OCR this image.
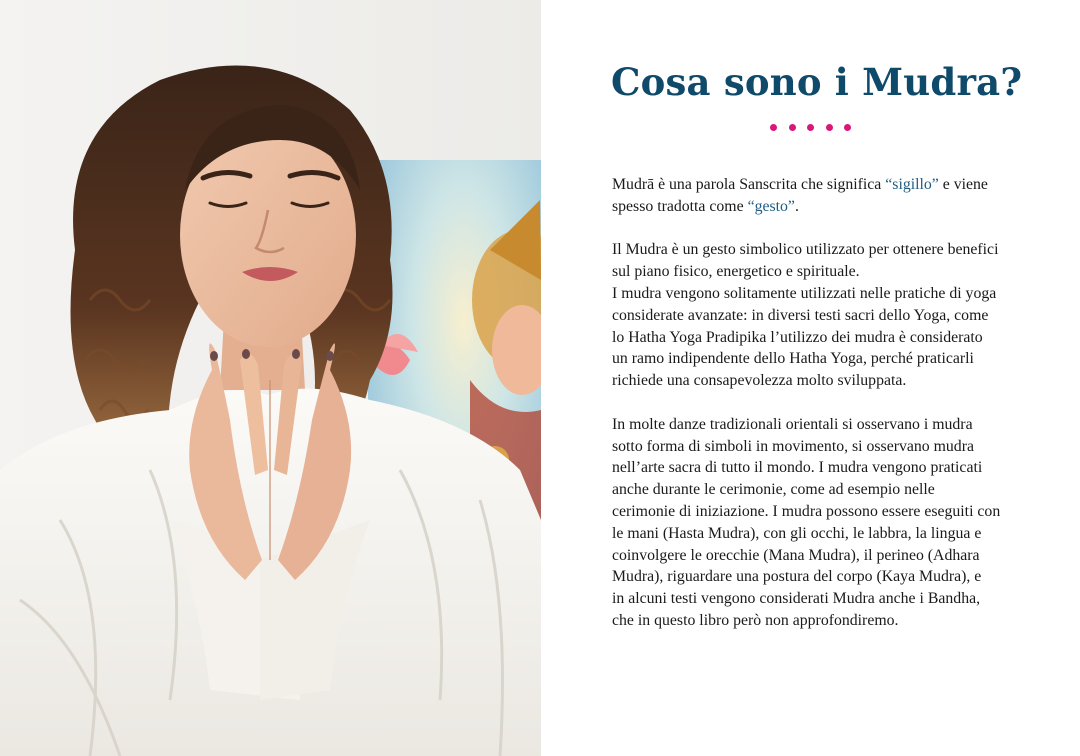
Cosa sono i Mudra?

Mudrā è una parola Sanscrita che significa “sigillo” e viene
spesso tradotta come “gesto”.

Il Mudra è un gesto simbolico utilizzato per ottenere benefici
sul piano fisico, energetico e spirituale.
I mudra vengono solitamente utilizzati nelle pratiche di yoga
considerate avanzate: in diversi testi sacri dello Yoga, come
lo Hatha Yoga Pradipika l’utilizzo dei mudra è considerato
un ramo indipendente dello Hatha Yoga, perché praticarli
richiede una consapevolezza molto sviluppata.

In molte danze tradizionali orientali si osservano i mudra
sotto forma di simboli in movimento, si osservano mudra
nell’arte sacra di tutto il mondo. I mudra vengono praticati
anche durante le cerimonie, come ad esempio nelle
cerimonie di iniziazione. I mudra possono essere eseguiti con
le mani (Hasta Mudra), con gli occhi, le labbra, la lingua e
coinvolgere le orecchie (Mana Mudra), il perineo (Adhara
Mudra), riguardare una postura del corpo (Kaya Mudra), e
in alcuni testi vengono considerati Mudra anche i Bandha,
che in questo libro però non approfondiremo.
